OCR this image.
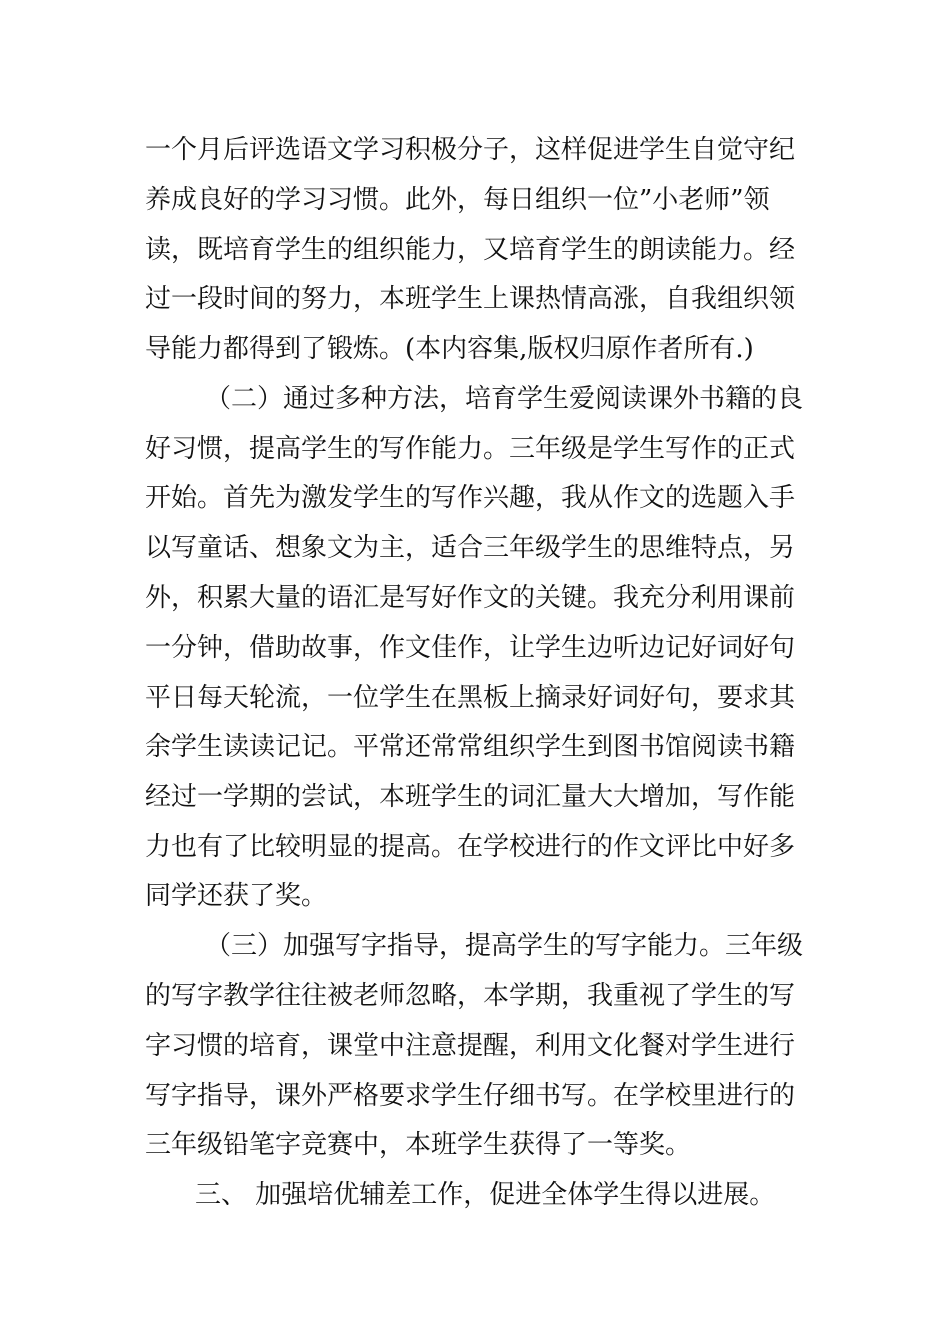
一个月后评选语文学习积极分子，这样促进学生自觉守纪
养成良好的学习习惯。此外，每日组织一位”小老师”领
读，既培育学生的组织能力，又培育学生的朗读能力。经
过一段时间的努力，本班学生上课热情高涨，自我组织领
导能力都得到了锻炼。(本内容集,版权归原作者所有.)
（二）通过多种方法，培育学生爱阅读课外书籍的良
好习惯，提高学生的写作能力。三年级是学生写作的正式
开始。首先为激发学生的写作兴趣，我从作文的选题入手
以写童话、想象文为主，适合三年级学生的思维特点，另
外，积累大量的语汇是写好作文的关键。我充分利用课前
一分钟，借助故事，作文佳作，让学生边听边记好词好句
平日每天轮流，一位学生在黑板上摘录好词好句，要求其
余学生读读记记。平常还常常组织学生到图书馆阅读书籍
经过一学期的尝试，本班学生的词汇量大大增加，写作能
力也有了比较明显的提高。在学校进行的作文评比中好多
同学还获了奖。
（三）加强写字指导，提高学生的写字能力。三年级
的写字教学往往被老师忽略，本学期，我重视了学生的写
字习惯的培育，课堂中注意提醒，利用文化餐对学生进行
写字指导，课外严格要求学生仔细书写。在学校里进行的
三年级铅笔字竞赛中，本班学生获得了一等奖。
三、 加强培优辅差工作，促进全体学生得以进展。
